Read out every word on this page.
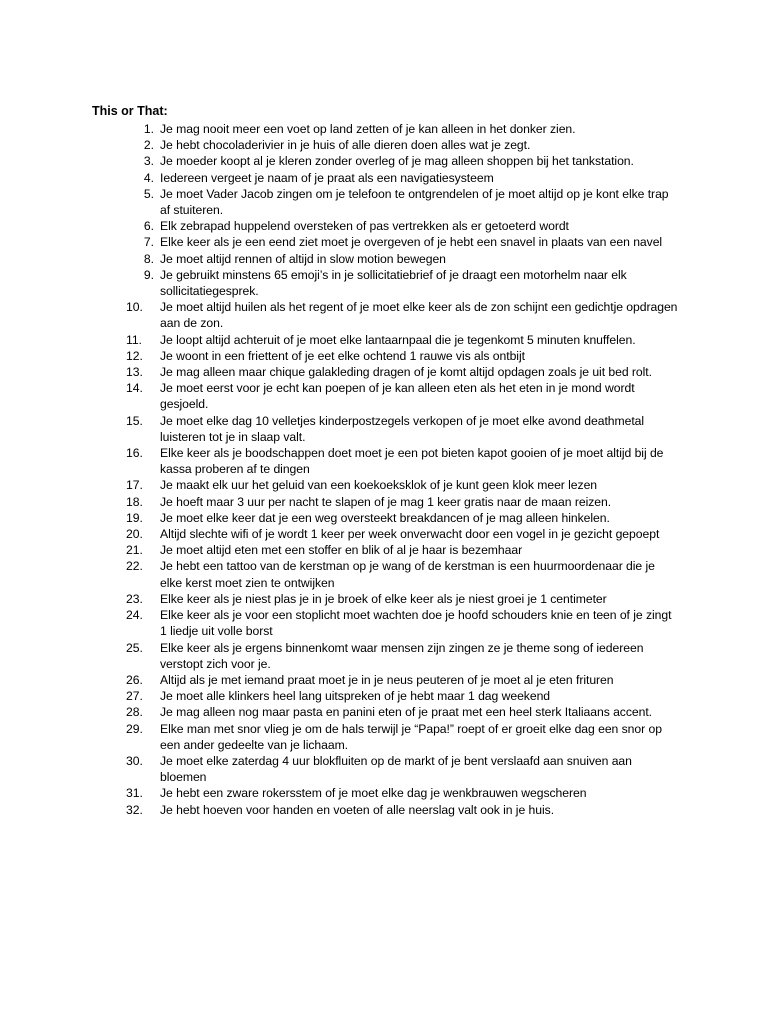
This or That:
1. Je mag nooit meer een voet op land zetten of je kan alleen in het donker zien.
2. Je hebt chocoladerivier in je huis of alle dieren doen alles wat je zegt.
3. Je moeder koopt al je kleren zonder overleg of je mag alleen shoppen bij het tankstation.
4. Iedereen vergeet je naam of je praat als een navigatiesysteem
5. Je moet Vader Jacob zingen om je telefoon te ontgrendelen of je moet altijd op je kont elke trap af stuiteren.
6. Elk zebrapad huppelend oversteken of pas vertrekken als er getoeterd wordt
7. Elke keer als je een eend ziet moet je overgeven of je hebt een snavel in plaats van een navel
8. Je moet altijd rennen of altijd in slow motion bewegen
9. Je gebruikt minstens 65 emoji’s in je sollicitatiebrief of je draagt een motorhelm naar elk sollicitatiegesprek.
10.	Je moet altijd huilen als het regent of je moet elke keer als de zon schijnt een gedichtje opdragen aan de zon.
11.	Je loopt altijd achteruit of je moet elke lantaarnpaal die je tegenkomt 5 minuten knuffelen.
12.	Je woont in een friettent of je eet elke ochtend 1 rauwe vis als ontbijt
13.	Je mag alleen maar chique galakleding dragen of je komt altijd opdagen zoals je uit bed rolt.
14.	Je moet eerst voor je echt kan poepen of je kan alleen eten als het eten in je mond wordt gesjoeld.
15.	Je moet elke dag 10 velletjes kinderpostzegels verkopen of je moet elke avond deathmetal luisteren tot je in slaap valt.
16.	Elke keer als je boodschappen doet moet je een pot bieten kapot gooien of je moet altijd bij de kassa proberen af te dingen
17.	Je maakt elk uur het geluid van een koekoeksklok of je kunt geen klok meer lezen
18.	Je hoeft maar 3 uur per nacht te slapen of je mag 1 keer gratis naar de maan reizen.
19.	Je moet elke keer dat je een weg oversteekt breakdancen of je mag alleen hinkelen.
20.	Altijd slechte wifi of je wordt 1 keer per week onverwacht door een vogel in je gezicht gepoept
21.	Je moet altijd eten met een stoffer en blik of al je haar is bezemhaar
22.	Je hebt een tattoo van de kerstman op je wang of de kerstman is een huurmoordenaar die je elke kerst moet zien te ontwijken
23.	Elke keer als je niest plas je in je broek of elke keer als je niest groei je 1 centimeter
24.	Elke keer als je voor een stoplicht moet wachten doe je hoofd schouders knie en teen of je zingt 1 liedje uit volle borst
25.	Elke keer als je ergens binnenkomt waar mensen zijn zingen ze je theme song of iedereen verstopt zich voor je.
26.	Altijd als je met iemand praat moet je in je neus peuteren of je moet al je eten frituren
27.	Je moet alle klinkers heel lang uitspreken of je hebt maar 1 dag weekend
28.	Je mag alleen nog maar pasta en panini eten of je praat met een heel sterk Italiaans accent.
29.	Elke man met snor vlieg je om de hals terwijl je “Papa!” roept of er groeit elke dag een snor op een ander gedeelte van je lichaam.
30.	Je moet elke zaterdag 4 uur blokfluiten op de markt of je bent verslaafd aan snuiven aan bloemen
31.	Je hebt een zware rokersstem of je moet elke dag je wenkbrauwen wegscheren
32.	Je hebt hoeven voor handen en voeten of alle neerslag valt ook in je huis.
